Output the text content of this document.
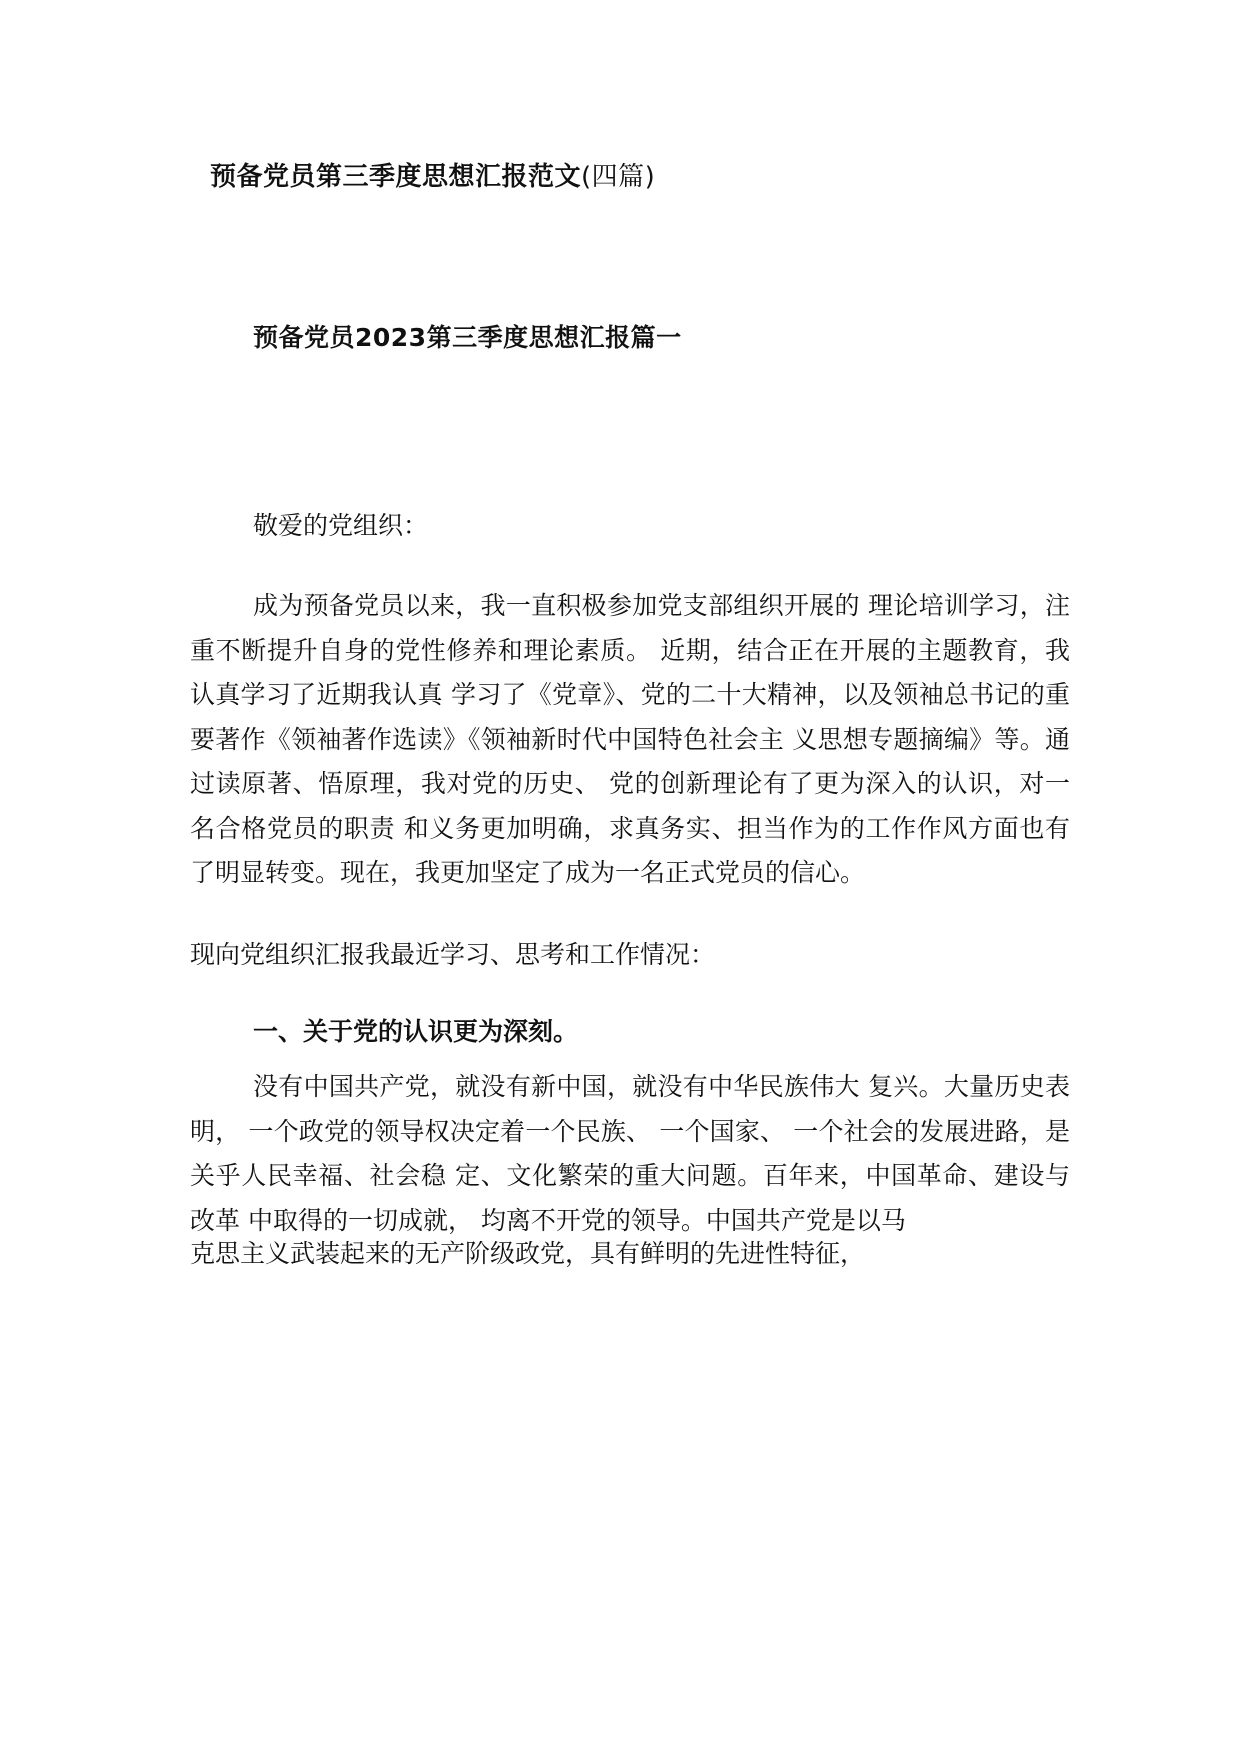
预备党员第三季度思想汇报范文(四篇)
预备党员2023第三季度思想汇报篇一

敬爱的党组织：

成为预备党员以来，我一直积极参加党支部组织开展的 理论培训学习，注重不断提升自身的党性修养和理论素质。 近期，结合正在开展的主题教育，我认真学习了近期我认真 学习了《党章》、党的二十大精神，以及领袖总书记的重 要著作《领袖著作选读》《领袖新时代中国特色社会主 义思想专题摘编》等。通过读原著、悟原理，我对党的历史、 党的创新理论有了更为深入的认识，对一名合格党员的职责 和义务更加明确，求真务实、担当作为的工作作风方面也有 了明显转变。现在，我更加坚定了成为一名正式党员的信心。

现向党组织汇报我最近学习、思考和工作情况：

一、关于党的认识更为深刻。

没有中国共产党，就没有新中国，就没有中华民族伟大 复兴。大量历史表明， 一个政党的领导权决定着一个民族、 一个国家、 一个社会的发展进路，是关乎人民幸福、社会稳 定、文化繁荣的重大问题。百年来，中国革命、建设与改革 中取得的一切成就， 均离不开党的领导。中国共产党是以马

克思主义武装起来的无产阶级政党，具有鲜明的先进性特征，
